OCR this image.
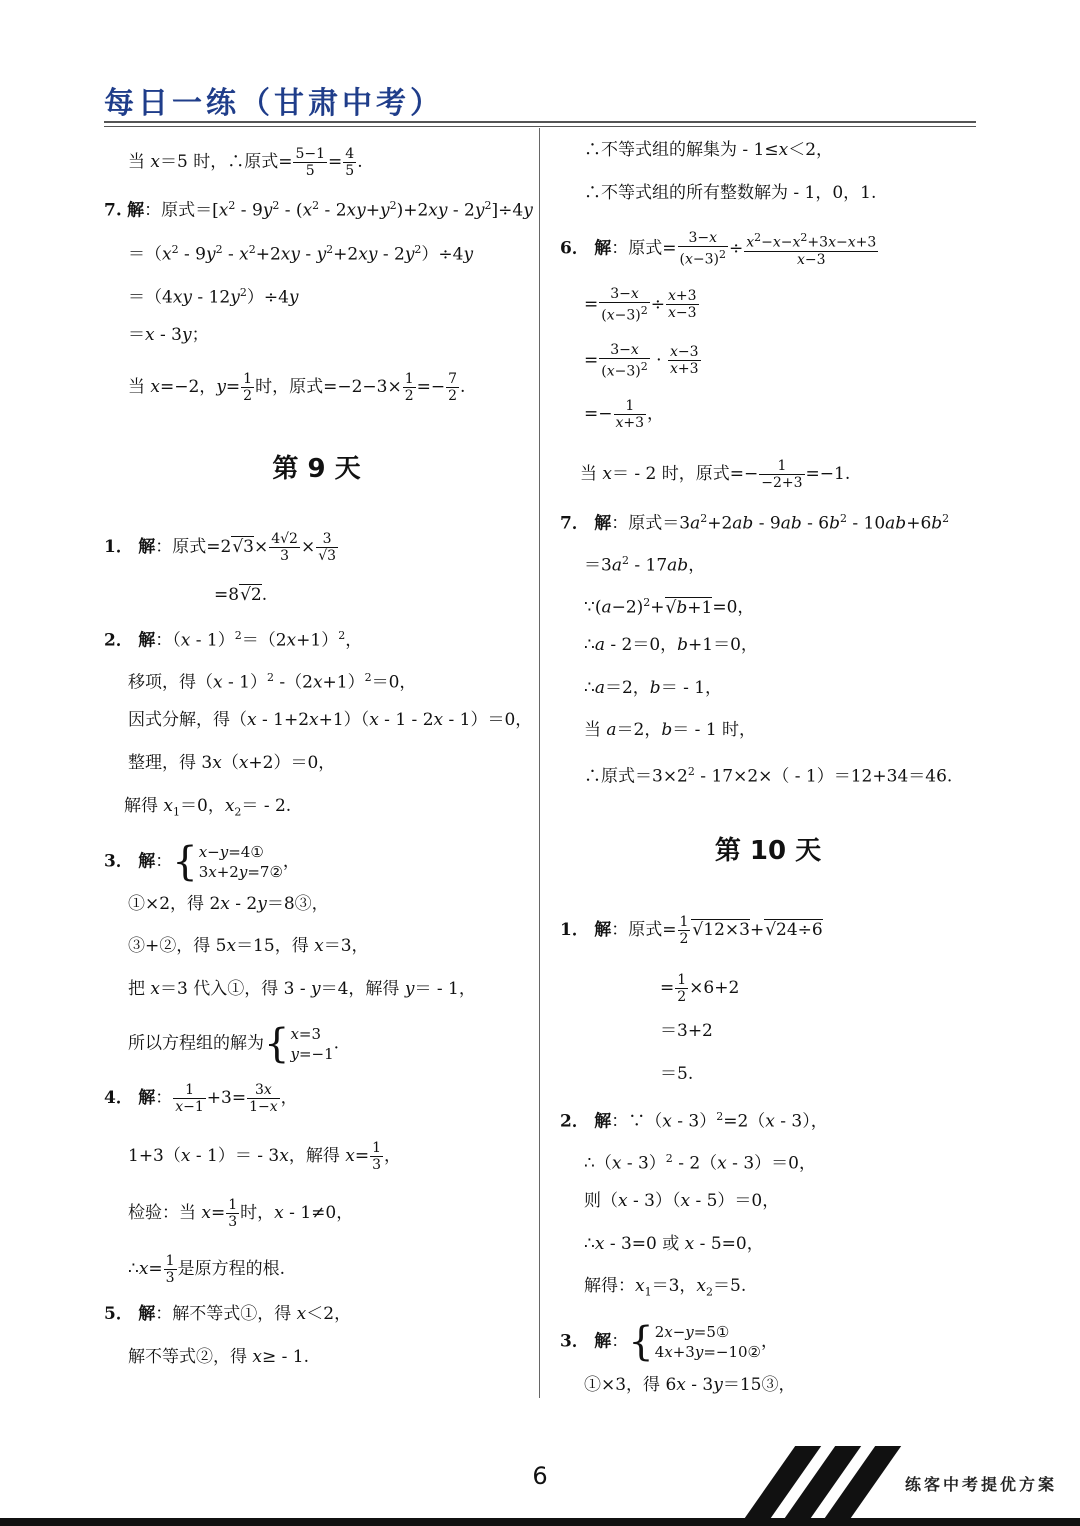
每日一练（甘肃中考）
当 x＝5 时，∴原式= $\frac{5-1}{5} = \frac{4}{5}$ .
7. 解：原式$=[x^2 - 9y^2 - (x^2 - 2xy+y^2)+2xy - 2y^2]\div 4y$
$=(x^2 - 9y^2 - x^2+2xy - y^2+2xy - 2y^2)\div 4y$
$=(4xy - 12y^2)\div 4y$
＝x - 3y；
当 x=−2，$y= \frac{1}{2}$ 时，原式$=-2-3\times \frac{1}{2} =- \frac{7}{2}$ .
第 9 天
1． 解：原式$=2√3\times \frac{4√2}{3} \times \frac{3}{√3}$
=8√2.
2． 解：$(x - 1)^2=(2x+1)^2$，
移项，得（x - 1）$^2$ $-(2x+1)^2=0$，
因式分解，得（x - 1+2x+1）（x - 1 - 2x - 1）＝0，
整理，得 3x（x+2）＝0，
解得 $x_1=0$，$x_2= - 2$.
3． 解： { x−y=4①
3x+2y=7②
，
①×2，得 2x - 2y＝8③，
③+②，得 5x＝15，得 x＝3，
把 x＝3 代入①，得 3 - y＝4，解得 y＝ - 1，
所以方程组的解为 { x=3
y=−1
.
4． 解： $\frac{1}{x-1} +3= \frac{3x}{1-x}$ ，
1+3（x - 1）＝ - 3x，解得 $x= \frac{1}{3}$ ，
检验：当 $x= \frac{1}{3}$ 时，x - 1≠0，
∴x= $\frac{1}{3}$ 是原方程的根.
5． 解：解不等式①，得 x＜2，
解不等式②，得 x≥ - 1.
∴不等式组的解集为 - 1≤x＜2，
∴不等式组的所有整数解为 - 1，0，1.
6． 解：原式= $\frac{3-x}{(x-3)^2} \div \frac{x^2-x-x^2+3x-x+3}{x-3}$
= $\frac{3-x}{(x-3)^2} \div \frac{x+3}{x-3}$
= $\frac{3-x}{(x-3)^2} \cdot \frac{x-3}{x+3}$
=− $\frac{1}{x+3}$ ，
当 x＝ - 2 时，原式=− $\frac{1}{-2+3} =-1$.
7． 解：原式$=3a^2+2ab - 9ab - 6b^2 - 10ab+6b^2$
$=3a^2 - 17ab$，
$\because(a-2)^2+√b+1=0$，
∴a - 2＝0，b+1＝0，
∴a＝2，b＝ - 1，
当 a＝2，b＝ - 1 时，
∴原式$=3\times 2^2 - 17\times 2\times( - 1)=12+34=46$.
第 10 天
1． 解：原式= $\frac{1}{2} √12\times 3+√24\div 6$
= $\frac{1}{2} \times 6+2$
＝3+2
＝5.
2． 解：∵（x - 3）$^2$=2（x - 3），
∴（x - 3）$^2$ - 2（x - 3）＝0，
则（x - 3）（x - 5）＝0，
∴x - 3=0 或 x - 5=0，
解得：$x_1=3$，$x_2=5$.
3． 解： { 2x−y=5①
4x+3y=−10②
，
①×3，得 6x - 3y＝15③，
6	练客中考提优方案
